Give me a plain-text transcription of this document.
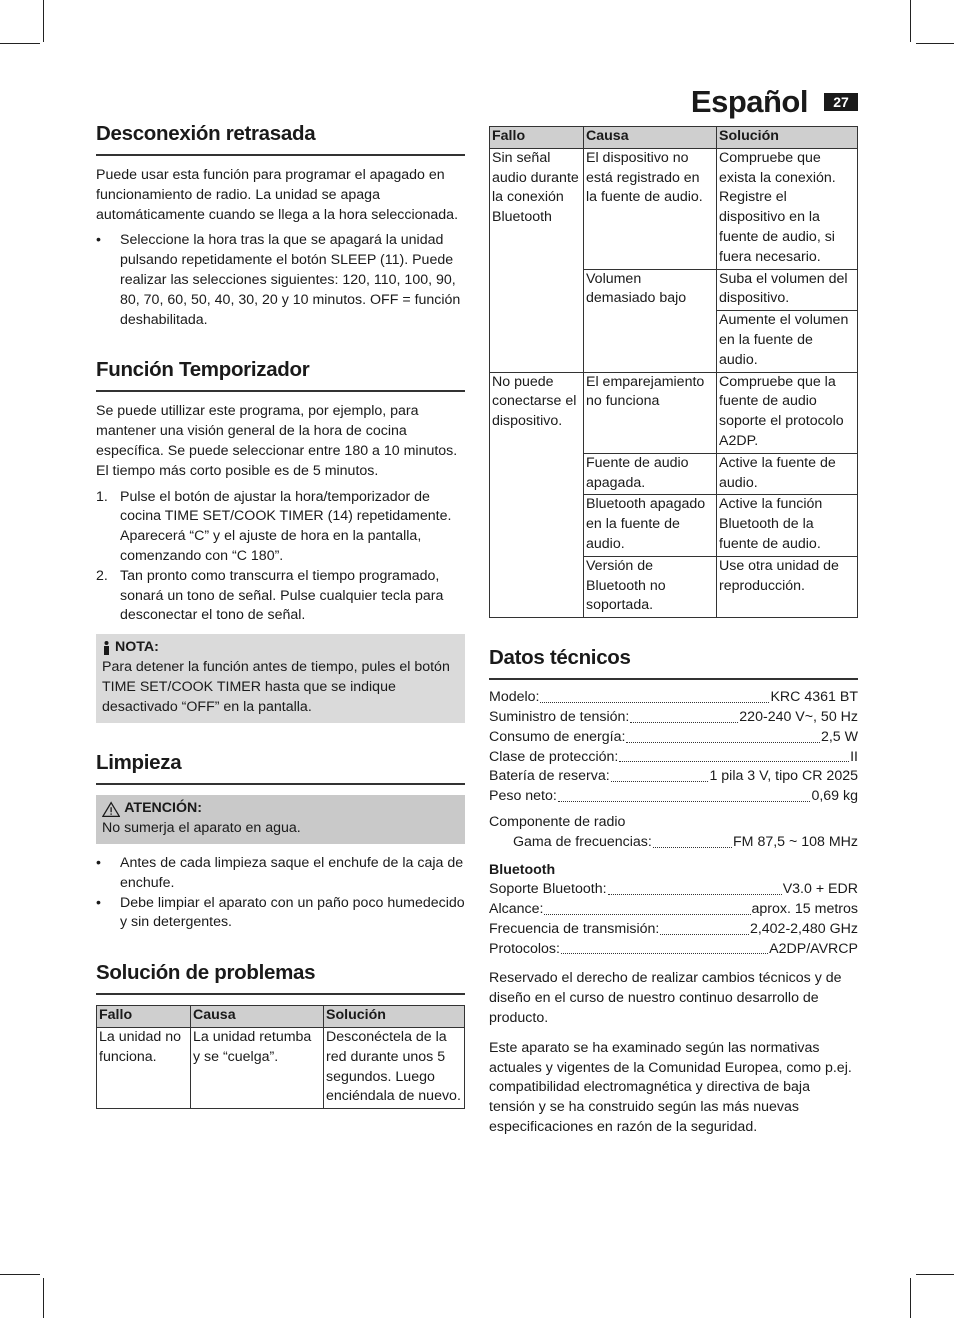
Español	27
Desconexión retrasada

Puede usar esta función para programar el apagado en funcionamiento de radio. La unidad se apaga automáticamente cuando se llega a la hora seleccionada.

• Seleccione la hora tras la que se apagará la unidad pulsando repetidamente el botón SLEEP (11). Puede realizar las selecciones siguientes: 120, 110, 100, 90, 80, 70, 60, 50, 40, 30, 20 y 10 minutos. OFF = función deshabilitada.
Función Temporizador

Se puede utillizar este programa, por ejemplo, para mantener una visión general de la hora de cocina específica. Se puede seleccionar entre 180 a 10 minutos. El tiempo más corto posible es de 5 minutos.

1. Pulse el botón de ajustar la hora/temporizador de cocina TIME SET/COOK TIMER (14) repetidamente. Aparecerá “C” y el ajuste de hora en la pantalla, comenzando con “C 180”.
2. Tan pronto como transcurra el tiempo programado, sonará un tono de señal. Pulse cualquier tecla para desconectar el tono de señal.
NOTA:
Para detener la función antes de tiempo, pules el botón TIME SET/COOK TIMER hasta que se indique desactivado “OFF” en la pantalla.
Limpieza
ATENCIÓN:
No sumerja el aparato en agua.
• Antes de cada limpieza saque el enchufe de la caja de enchufe.
• Debe limpiar el aparato con un paño poco humedecido y sin detergentes.
Solución de problemas
Fallo	Causa	Solución
La unidad no funciona.	La unidad retumba y se “cuelga”.	Desconéctela de la red durante unos 5 segundos. Luego enciéndala de nuevo.
Fallo	Causa	Solución
Sin señal audio durante la conexión Bluetooth	El dispositivo no está registrado en la fuente de audio.	Compruebe que exista la conexión. Registre el dispositivo en la fuente de audio, si fuera necesario.
	Volumen demasiado bajo	Suba el volumen del dispositivo.
		Aumente el volumen en la fuente de audio.
No puede conectarse el dispositivo.	El emparejamiento no funciona	Compruebe que la fuente de audio soporte el protocolo A2DP.
	Fuente de audio apagada.	Active la fuente de audio.
	Bluetooth apagado en la fuente de audio.	Active la función Bluetooth de la fuente de audio.
	Versión de Bluetooth no soportada.	Use otra unidad de reproducción.
Datos técnicos
Modelo:	KRC 4361 BT
Suministro de tensión:	220-240 V~, 50 Hz
Consumo de energía:	2,5 W
Clase de protección:	II
Batería de reserva:	1 pila 3 V, tipo CR 2025
Peso neto:	0,69 kg
Componente de radio
Gama de frecuencias:	FM 87,5 ~ 108 MHz
Bluetooth
Soporte Bluetooth:	V3.0 + EDR
Alcance:	aprox. 15 metros
Frecuencia de transmisión:	2,402-2,480 GHz
Protocolos:	A2DP/AVRCP

Reservado el derecho de realizar cambios técnicos y de diseño en el curso de nuestro continuo desarrollo de producto.

Este aparato se ha examinado según las normativas actuales y vigentes de la Comunidad Europea, como p.ej. compatibilidad electromagnética y directiva de baja tensión y se ha construido según las más nuevas especificaciones en razón de la seguridad.
